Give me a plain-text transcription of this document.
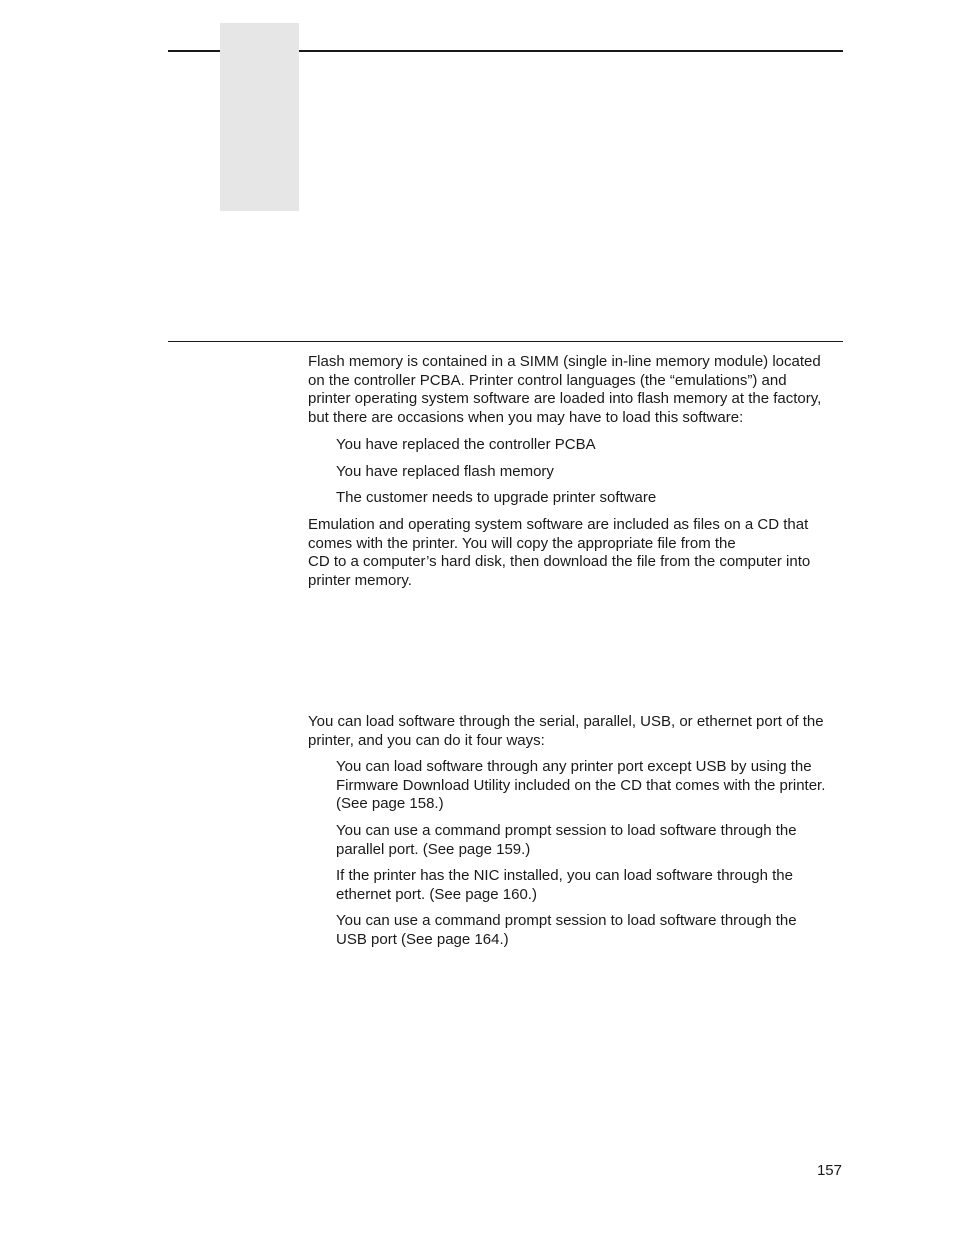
Flash memory is contained in a SIMM (single in-line memory module) located
on the controller PCBA. Printer control languages (the “emulations”) and
printer operating system software are loaded into flash memory at the factory,
but there are occasions when you may have to load this software:

You have replaced the controller PCBA

You have replaced flash memory

The customer needs to upgrade printer software

Emulation and operating system software are included as files on a CD that
comes with the printer. You will copy the appropriate file from the
CD to a computer’s hard disk, then download the file from the computer into
printer memory.

You can load software through the serial, parallel, USB, or ethernet port of the
printer, and you can do it four ways:

You can load software through any printer port except USB by using the
Firmware Download Utility included on the CD that comes with the printer.
(See page 158.)

You can use a command prompt session to load software through the
parallel port. (See page 159.)

If the printer has the NIC installed, you can load software through the
ethernet port. (See page 160.)

You can use a command prompt session to load software through the
USB port (See page 164.)

157
